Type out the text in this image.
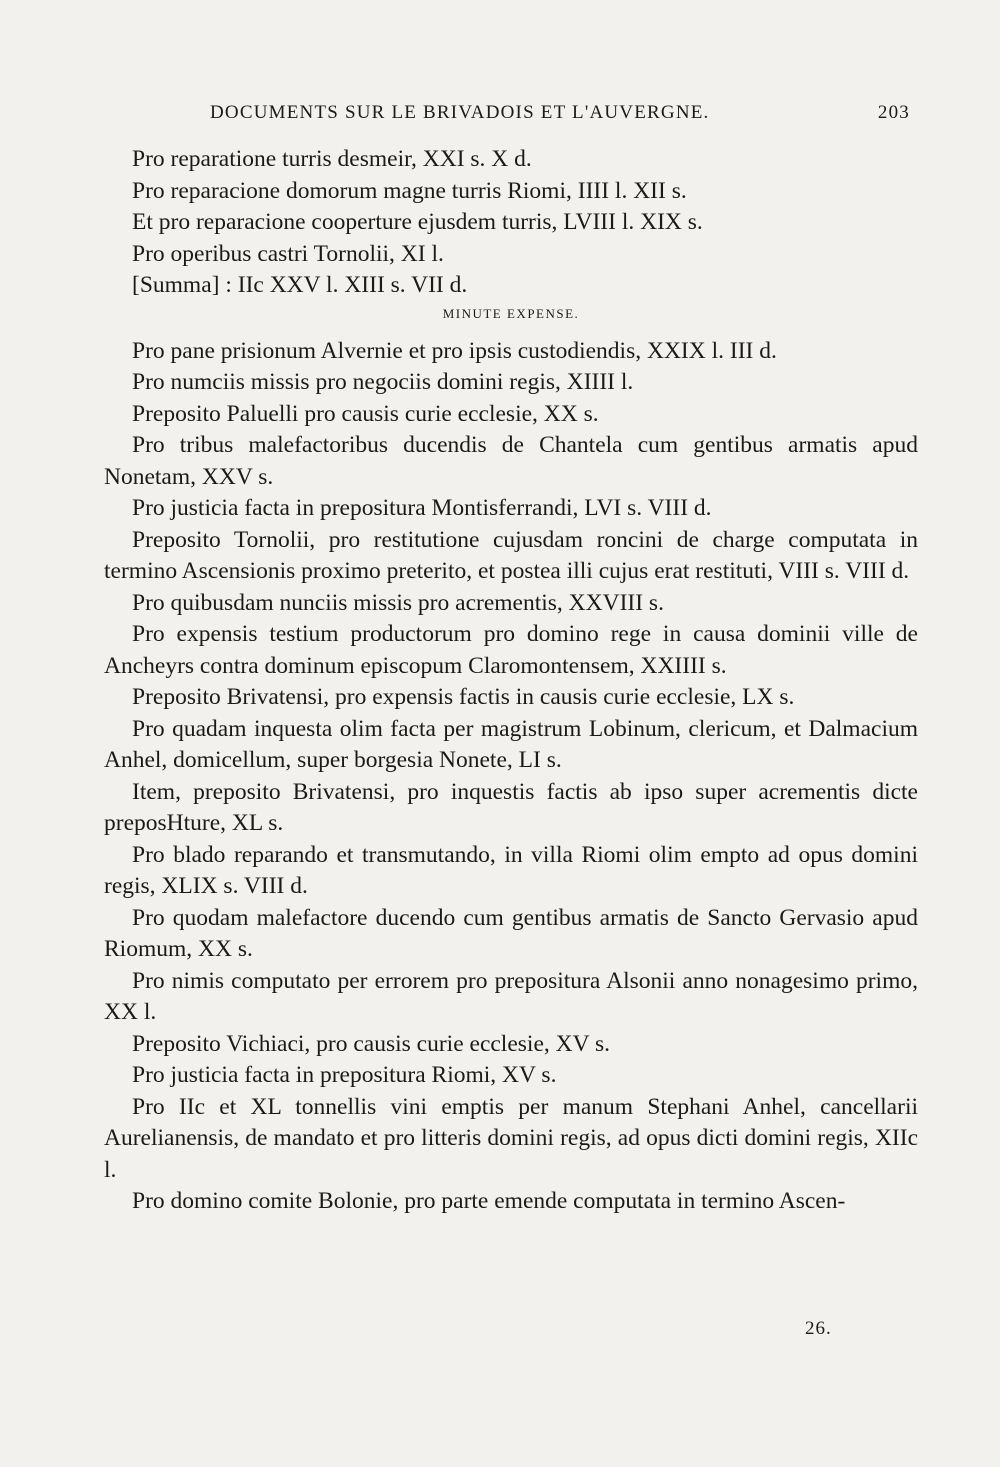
DOCUMENTS SUR LE BRIVADOIS ET L'AUVERGNE.	203

Pro reparatione turris desmeir, XXI s. X d.

Pro reparacione domorum magne turris Riomi, IIII l. XII s.

Et pro reparacione cooperture ejusdem turris, LVIII l. XIX s.

Pro operibus castri Tornolii, XI l.

[Summa] : IIc XXV l. XIII s. VII d.

MINUTE EXPENSE.

Pro pane prisionum Alvernie et pro ipsis custodiendis, XXIX l. III d.

Pro numciis missis pro negociis domini regis, XIIII l.

Preposito Paluelli pro causis curie ecclesie, XX s.

Pro tribus malefactoribus ducendis de Chantela cum gentibus armatis apud Nonetam, XXV s.

Pro justicia facta in prepositura Montisferrandi, LVI s. VIII d.

Preposito Tornolii, pro restitutione cujusdam roncini de charge computata in termino Ascensionis proximo preterito, et postea illi cujus erat restituti, VIII s. VIII d.

Pro quibusdam nunciis missis pro acrementis, XXVIII s.

Pro expensis testium productorum pro domino rege in causa dominii ville de Ancheyrs contra dominum episcopum Claromontensem, XXIIII s.

Preposito Brivatensi, pro expensis factis in causis curie ecclesie, LX s.

Pro quadam inquesta olim facta per magistrum Lobinum, clericum, et Dalmacium Anhel, domicellum, super borgesia Nonete, LI s.

Item, preposito Brivatensi, pro inquestis factis ab ipso super acrementis dicte preposHture, XL s.

Pro blado reparando et transmutando, in villa Riomi olim empto ad opus domini regis, XLIX s. VIII d.

Pro quodam malefactore ducendo cum gentibus armatis de Sancto Gervasio apud Riomum, XX s.

Pro nimis computato per errorem pro prepositura Alsonii anno nonagesimo primo, XX l.

Preposito Vichiaci, pro causis curie ecclesie, XV s.

Pro justicia facta in prepositura Riomi, XV s.

Pro IIc et XL tonnellis vini emptis per manum Stephani Anhel, cancellarii Aurelianensis, de mandato et pro litteris domini regis, ad opus dicti domini regis, XIIc l.

Pro domino comite Bolonie, pro parte emende computata in termino Ascen-

26.
